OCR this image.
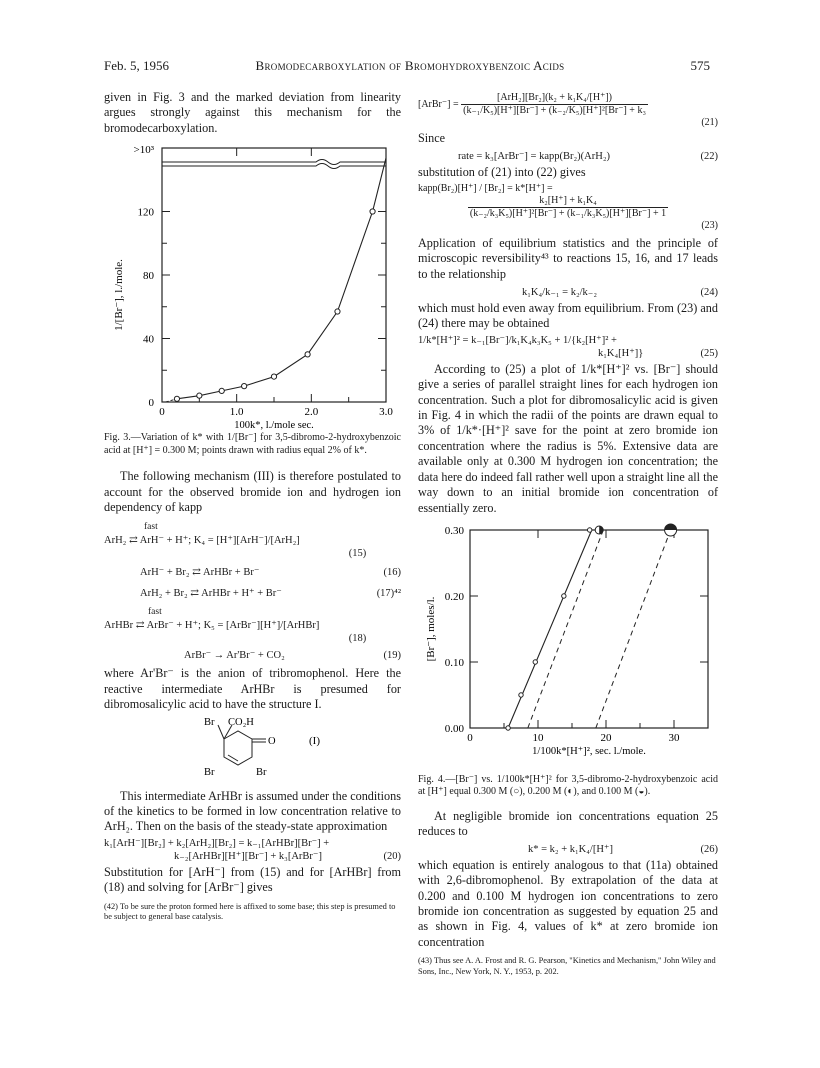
Feb. 5, 1956	Bromodecarboxylation of Bromohydroxybenzoic Acids	575

given in Fig. 3 and the marked deviation from linearity argues strongly against this mechanism for the bromodecarboxylation.

0
40
80
120
>10³
0	1.0	2.0	3.0
100k*, l./mole sec.
1/[Br⁻], l./mole.
Fig. 3.—Variation of k* with 1/[Br⁻] for 3,5-dibromo-2-hydroxybenzoic acid at [H⁺] = 0.300 M; points drawn with radius equal 2% of k*.

The following mechanism (III) is therefore postulated to account for the observed bromide ion and hydrogen ion dependency of kapp

fast
ArH₂ ⇄ ArH⁻ + H⁺; K₄ = [H⁺][ArH⁻]/[ArH₂]
(15)
ArH⁻ + Br₂ ⇄ ArHBr + Br⁻	(16)
ArH₂ + Br₂ ⇄ ArHBr + H⁺ + Br⁻	(17)⁴²
fast
ArHBr ⇄ ArBr⁻ + H⁺; K₅ = [ArBr⁻][H⁺]/[ArHBr]
(18)
ArBr⁻ → Ar'Br⁻ + CO₂	(19)

where Ar'Br⁻ is the anion of tribromophenol. Here the reactive intermediate ArHBr is presumed for dibromosalicylic acid to have the structure I.

Br CO₂H
O
Br	Br
(I)

This intermediate ArHBr is assumed under the conditions of the kinetics to be formed in low concentration relative to ArH₂. Then on the basis of the steady-state approximation

k₁[ArH⁻][Br₂] + k₂[ArH₂][Br₂] = k₋₁[ArHBr][Br⁻] +
k₋₂[ArHBr][H⁺][Br⁻] + k₃[ArBr⁻]	(20)

Substitution for [ArH⁻] from (15) and for [ArHBr] from (18) and solving for [ArBr⁻] gives

(42) To be sure the proton formed here is affixed to some base; this step is presumed to be subject to general base catalysis.
[ArBr⁻] = $\frac{\text{[ArH₂][Br₂](k₂ + k₁K₄/[H⁺])}}{\text{(k₋₁/K₅)[H⁺][Br⁻] + (k₋₂/K₅)[H⁺]²[Br⁻] + k₃}}$
(21)

Since

rate = k₃[ArBr⁻] = kapp(Br₂)(ArH₂)	(22)

substitution of (21) into (22) gives

kapp(Br₂)[H⁺] / [Br₂] = k*[H⁺] =
$\frac{\text{k₂[H⁺] + k₁K₄}}{\text{(k₋₂/k₃K₅)[H⁺]²[Br⁻] + (k₋₁/k₃K₅)[H⁺][Br⁻] + 1}}$
(23)

Application of equilibrium statistics and the principle of microscopic reversibility⁴³ to reactions 15, 16, and 17 leads to the relationship

k₁K₄/k₋₁ = k₂/k₋₂	(24)

which must hold even away from equilibrium. From (23) and (24) there may be obtained

1/k*[H⁺]² = k₋₁[Br⁻]/k₁K₄k₃K₅ + 1/{k₂[H⁺]² +
k₁K₄[H⁺]}	(25)

According to (25) a plot of 1/k*[H⁺]² vs. [Br⁻] should give a series of parallel straight lines for each hydrogen ion concentration. Such a plot for dibromosalicylic acid is given in Fig. 4 in which the radii of the points are drawn equal to 3% of 1/k*·[H⁺]² save for the point at zero bromide ion concentration where the radius is 5%. Extensive data are available only at 0.300 M hydrogen ion concentration; the data here do indeed fall rather well upon a straight line all the way down to an initial bromide ion concentration of essentially zero.

0.00
0.10
0.20
0.30
0	10	20	30
1/100k*[H⁺]², sec. l./mole.
[Br⁻], moles/l.
Fig. 4.—[Br⁻] vs. 1/100k*[H⁺]² for 3,5-dibromo-2-hydroxybenzoic acid at [H⁺] equal 0.300 M (○), 0.200 M (◐), and 0.100 M (◒).

At negligible bromide ion concentrations equation 25 reduces to

k* = k₂ + k₁K₄/[H⁺]	(26)

which equation is entirely analogous to that (11a) obtained with 2,6-dibromophenol. By extrapolation of the data at 0.200 and 0.100 M hydrogen ion concentrations to zero bromide ion concentration as suggested by equation 25 and as shown in Fig. 4, values of k* at zero bromide ion concentration

(43) Thus see A. A. Frost and R. G. Pearson, "Kinetics and Mechanism," John Wiley and Sons, Inc., New York, N. Y., 1953, p. 202.
